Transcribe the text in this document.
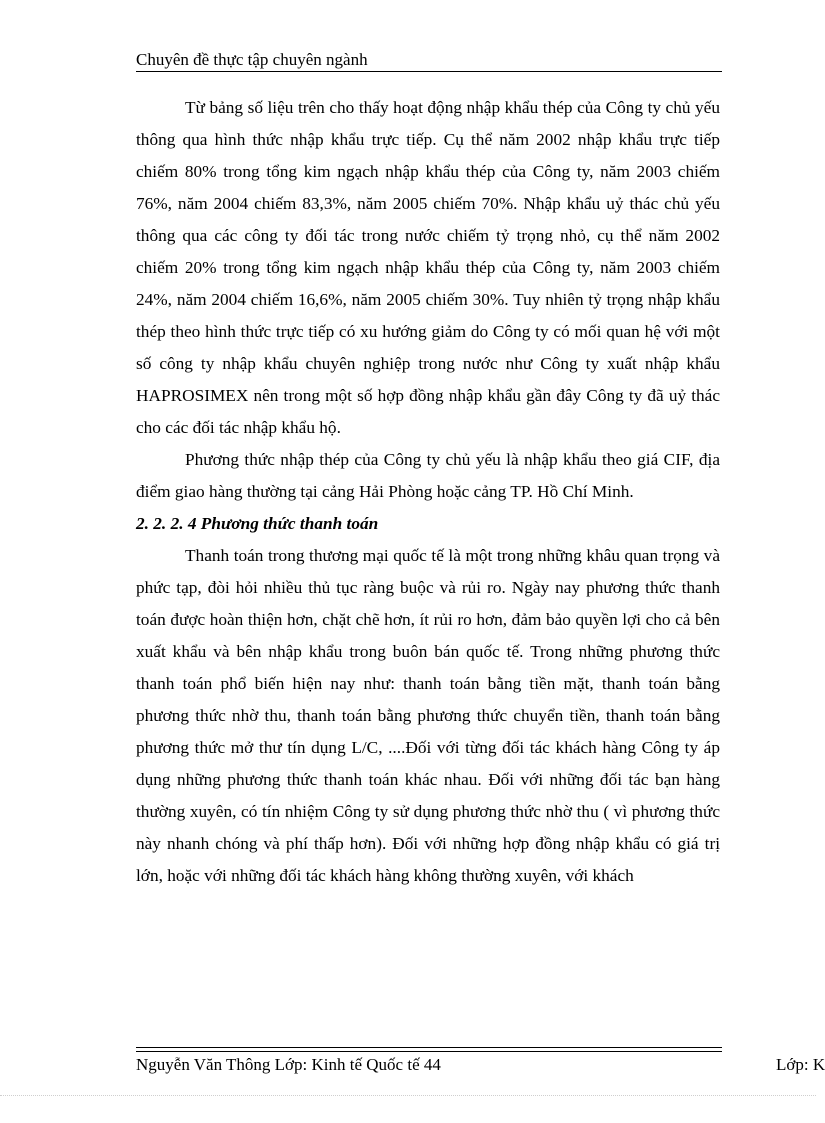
Chuyên đề thực tập chuyên ngành

Từ bảng số liệu trên cho thấy hoạt động nhập khẩu thép của Công ty chủ yếu thông qua hình thức nhập khẩu trực tiếp. Cụ thể năm 2002 nhập khẩu trực tiếp chiếm 80% trong tổng kim ngạch nhập khẩu thép của Công ty, năm 2003 chiếm 76%, năm 2004 chiếm 83,3%, năm 2005 chiếm 70%. Nhập khẩu uỷ thác chủ yếu thông qua các công ty đối tác trong nước chiếm tỷ trọng nhỏ, cụ thể năm 2002 chiếm 20% trong tổng kim ngạch nhập khẩu thép của Công ty, năm 2003 chiếm 24%, năm 2004 chiếm 16,6%, năm 2005 chiếm 30%. Tuy nhiên tỷ trọng nhập khẩu thép theo hình thức trực tiếp có xu hướng giảm do Công ty có mối quan hệ với một số công ty nhập khẩu chuyên nghiệp trong nước như Công ty xuất nhập khẩu HAPROSIMEX nên trong một số hợp đồng nhập khẩu gần đây Công ty đã uỷ thác cho các đối tác nhập khẩu hộ.

Phương thức nhập thép của Công ty chủ yếu là nhập khẩu theo giá CIF, địa điểm giao hàng thường tại cảng Hải Phòng hoặc cảng TP. Hồ Chí Minh.

2. 2. 2. 4 Phương thức thanh toán

Thanh toán trong thương mại quốc tế là một trong những khâu quan trọng và phức tạp, đòi hỏi nhiều thủ tục ràng buộc và rủi ro. Ngày nay phương thức thanh toán được hoàn thiện hơn, chặt chẽ hơn, ít rủi ro hơn, đảm bảo quyền lợi cho cả bên xuất khẩu và bên nhập khẩu trong buôn bán quốc tế. Trong những phương thức thanh toán phổ biến hiện nay như: thanh toán bằng tiền mặt, thanh toán bằng phương thức nhờ thu, thanh toán bằng phương thức chuyển tiền, thanh toán bằng phương thức mở thư tín dụng L/C, ....Đối với từng đối tác khách hàng Công ty áp dụng những phương thức thanh toán khác nhau. Đối với những đối tác bạn hàng thường xuyên, có tín nhiệm Công ty sử dụng phương thức nhờ thu ( vì phương thức này nhanh chóng và phí thấp hơn). Đối với những hợp đồng nhập khẩu có giá trị lớn, hoặc với những đối tác khách hàng không thường xuyên, với khách

Nguyễn Văn Thông Lớp: Kinh tế Quốc tế 44	Lớp: K
